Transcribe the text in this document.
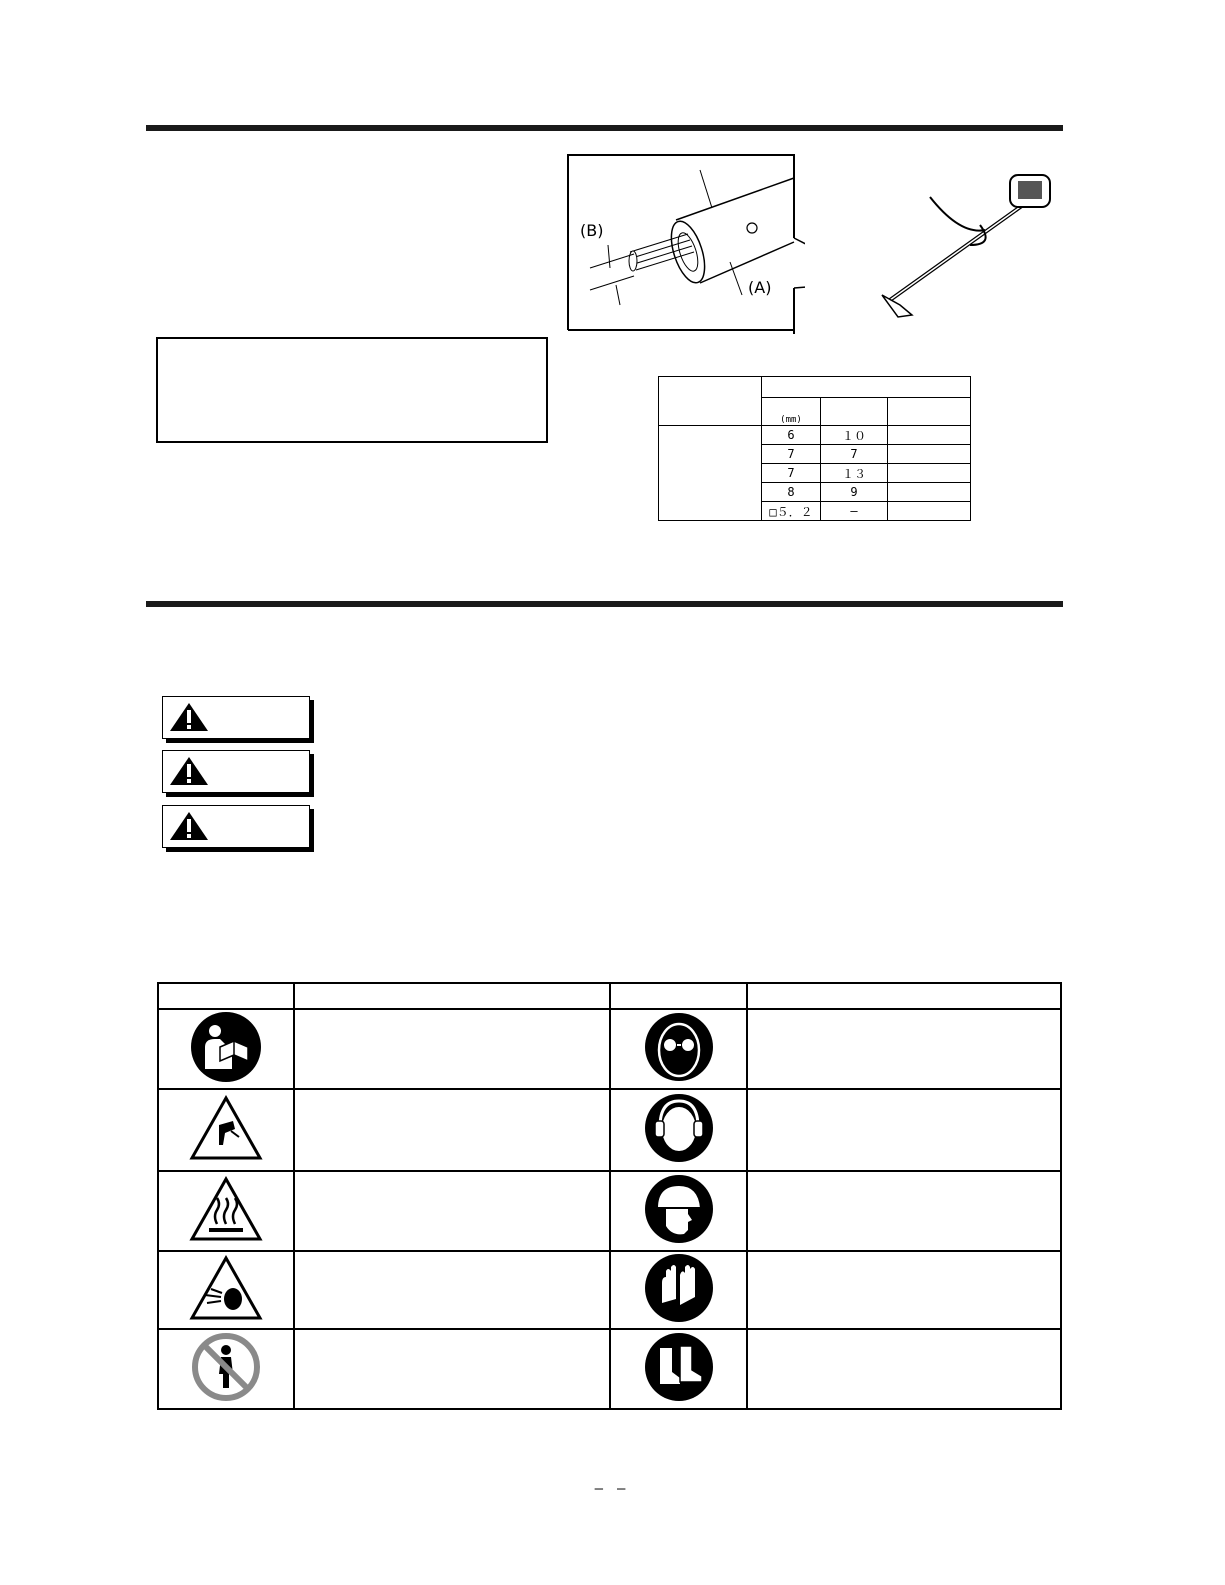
(B)
(A)

	(mm)		
	6	１０	
	7	7	
	7	１３	
	8	9	
	□５．２	—	

–　–
